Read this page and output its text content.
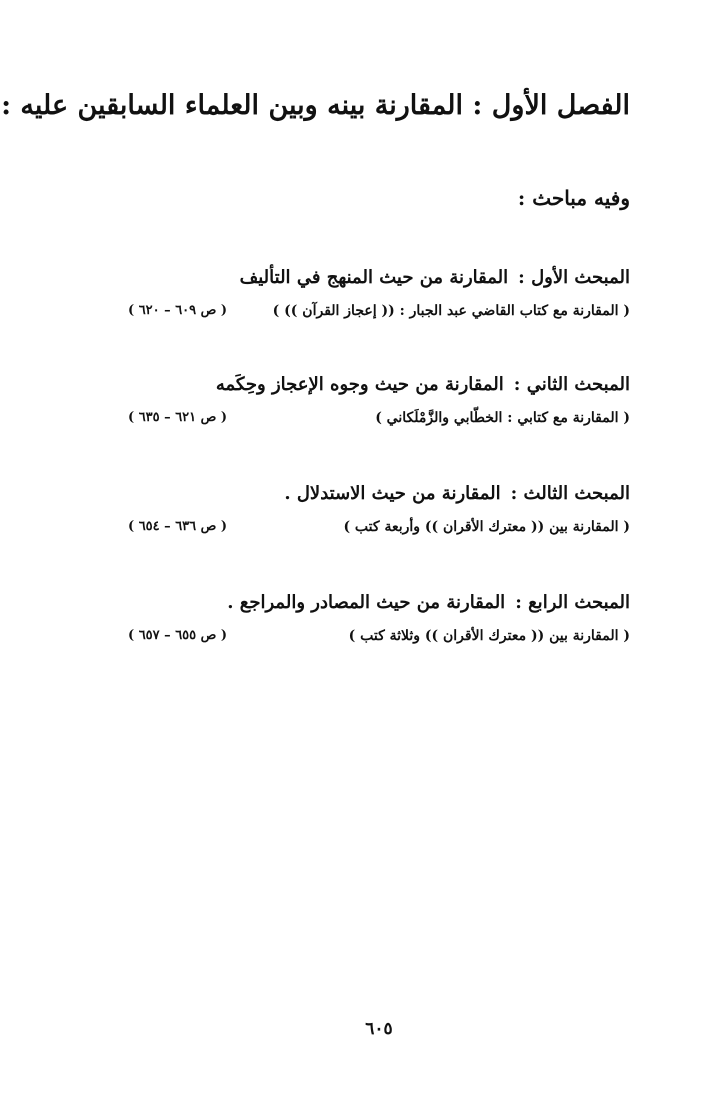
الفصل الأول : المقارنة بينه وبين العلماء السابقين عليه :
وفيه مباحث :
المبحث الأول :المقارنة من حيث المنهج في التأليف
( المقارنة مع كتاب القاضي عبد الجبار : (( إعجاز القرآن )) )
( ص ٦٠٩ – ٦٢٠ )
المبحث الثاني :المقارنة من حيث وجوه الإعجاز وحِكَمه
( المقارنة مع كتابي : الخطّابي والزَّمْلَكاني )
( ص ٦٢١ – ٦٣٥ )
المبحث الثالث :المقارنة من حيث الاستدلال .
( المقارنة بين (( معترك الأقران )) وأربعة كتب )
( ص ٦٣٦ – ٦٥٤ )
المبحث الرابع :المقارنة من حيث المصادر والمراجع .
( المقارنة بين (( معترك الأقران )) وثلاثة كتب )
( ص ٦٥٥ – ٦٥٧ )
٦٠٥
